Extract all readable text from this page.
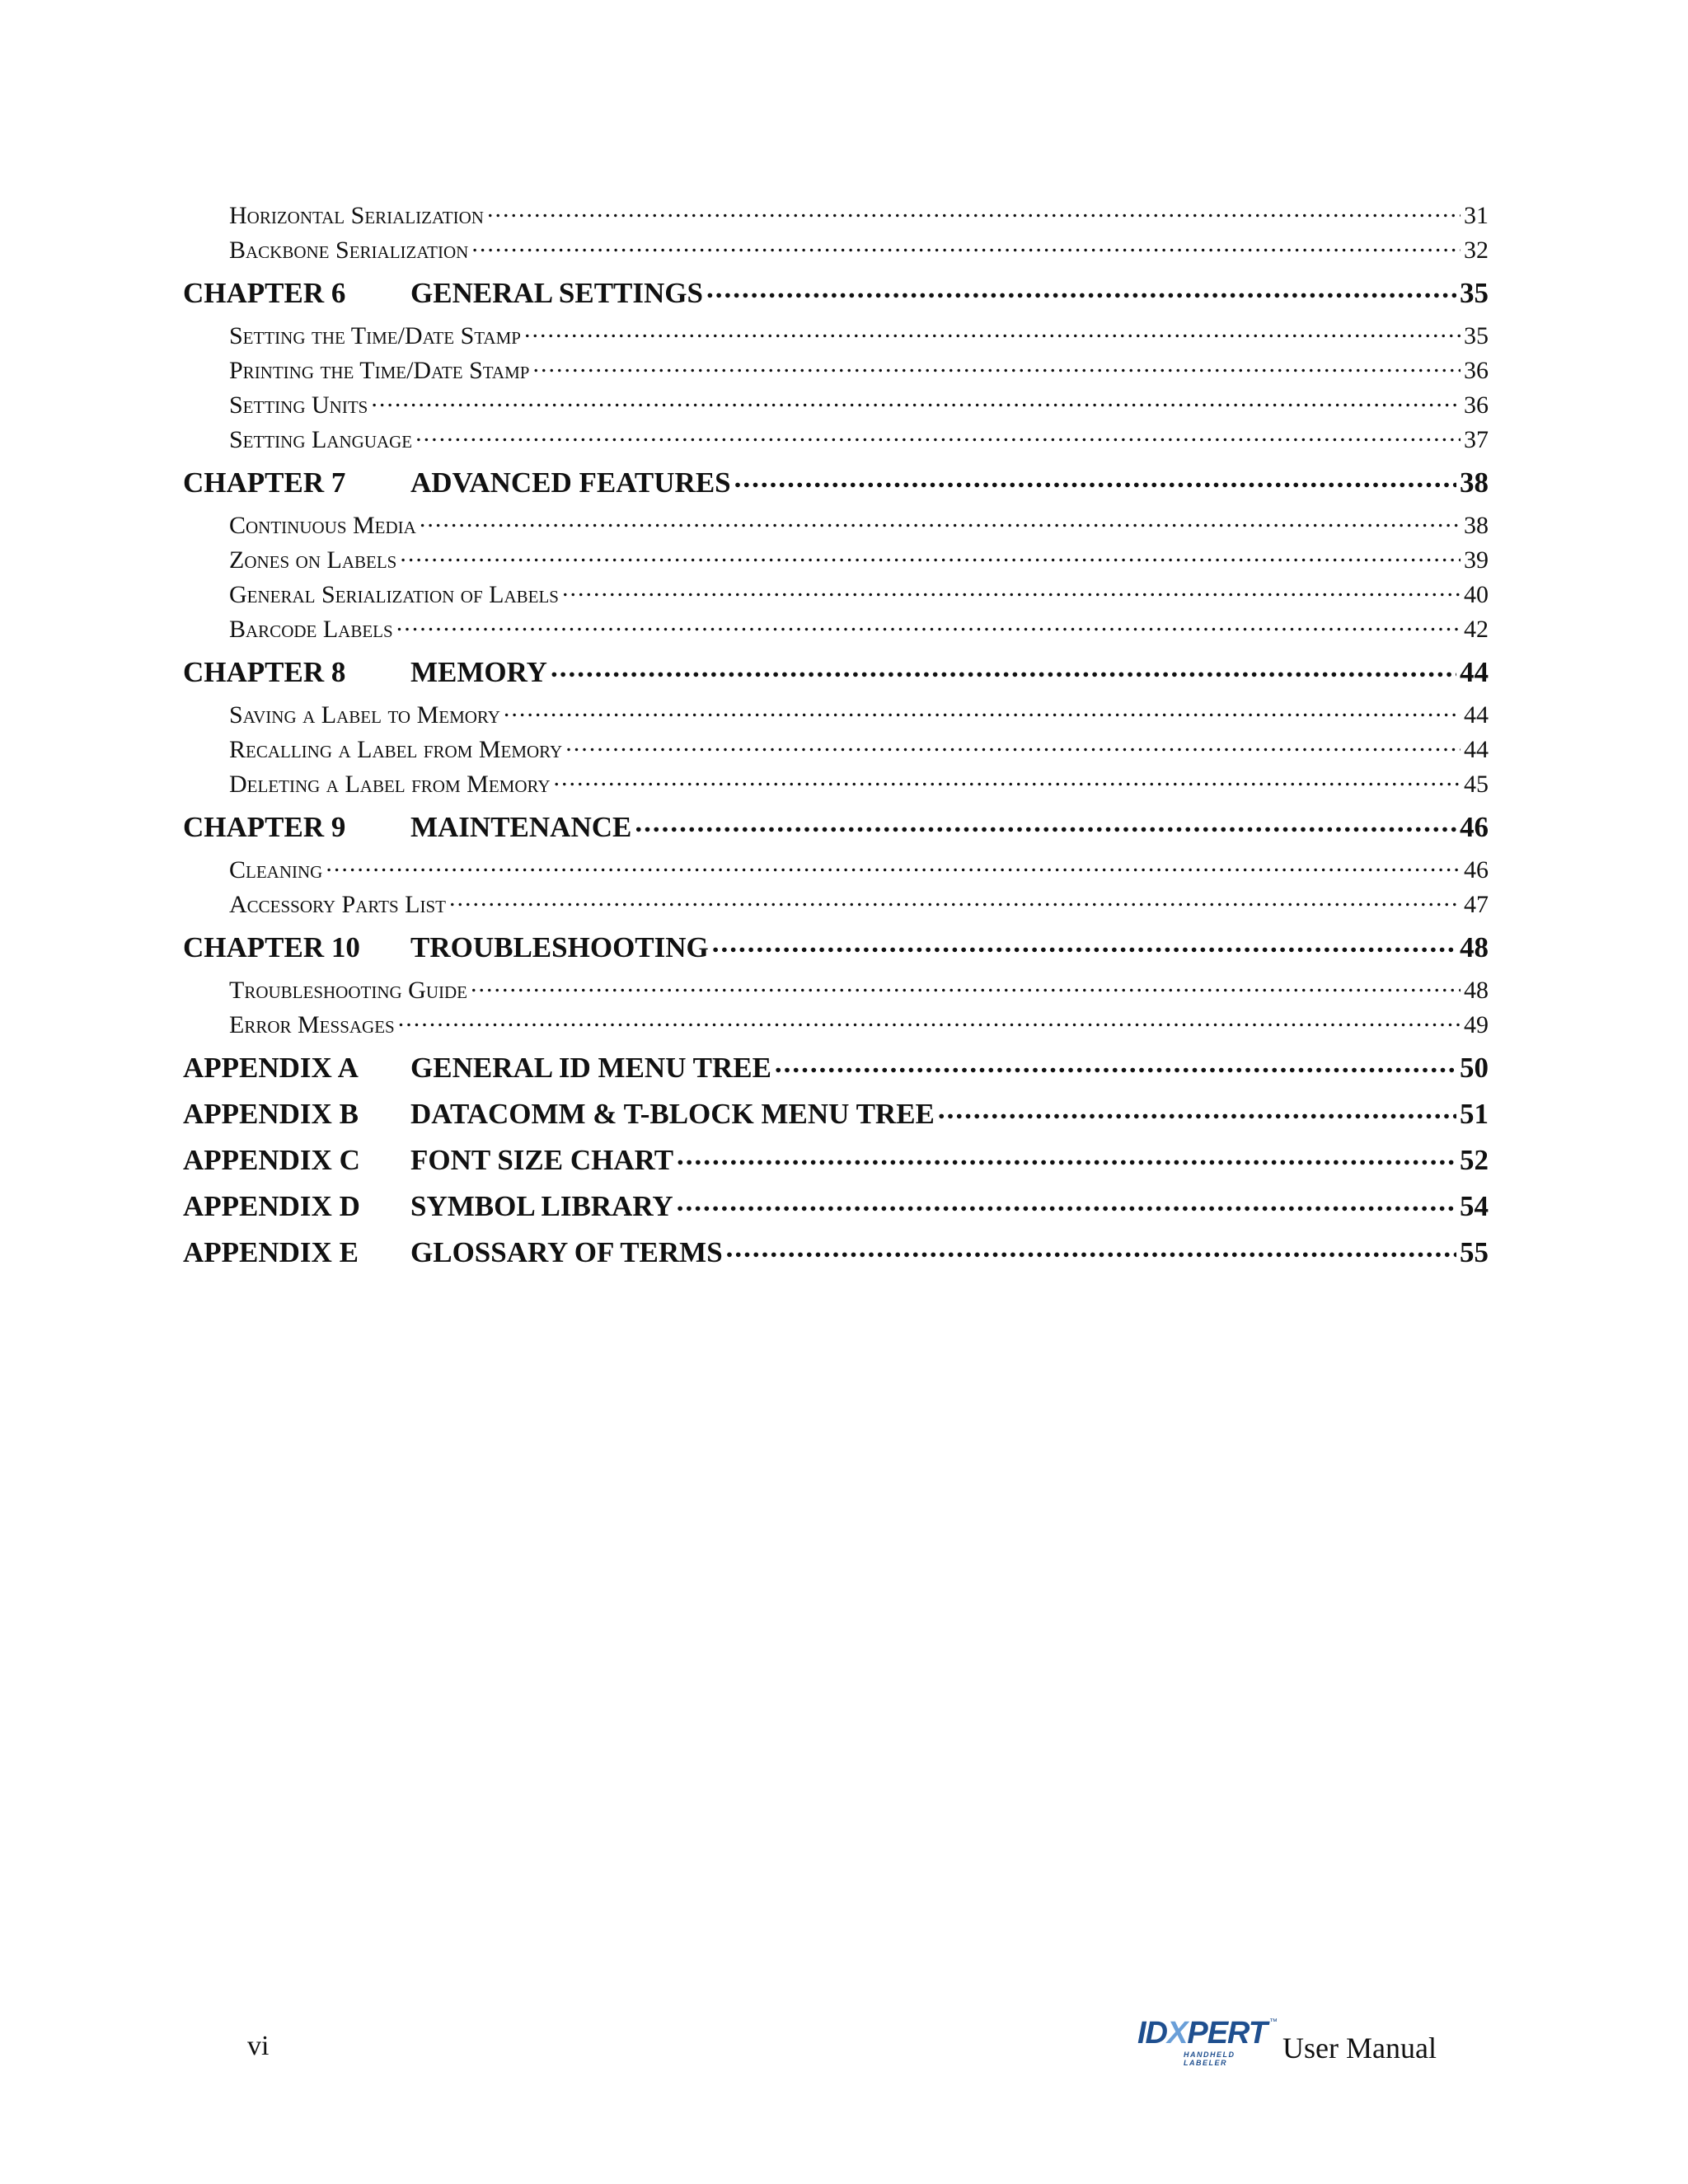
Horizontal Serialization .....	31
Backbone Serialization .....	32
CHAPTER 6	GENERAL SETTINGS .....	35
Setting the Time/Date Stamp .....	35
Printing the Time/Date Stamp .....	36
Setting Units .....	36
Setting Language .....	37
CHAPTER 7	ADVANCED FEATURES .....	38
Continuous Media .....	38
Zones on Labels .....	39
General Serialization of Labels .....	40
Barcode Labels .....	42
CHAPTER 8	MEMORY .....	44
Saving a Label to Memory .....	44
Recalling a Label from Memory .....	44
Deleting a Label from Memory .....	45
CHAPTER 9	MAINTENANCE .....	46
Cleaning .....	46
Accessory Parts List .....	47
CHAPTER 10	TROUBLESHOOTING .....	48
Troubleshooting Guide .....	48
Error Messages .....	49
APPENDIX A	GENERAL ID MENU TREE .....	50
APPENDIX B	DATACOMM & T-BLOCK MENU TREE .....	51
APPENDIX C	FONT SIZE CHART .....	52
APPENDIX D	SYMBOL LIBRARY .....	54
APPENDIX E	GLOSSARY OF TERMS .....	55
vi	IDXPERT ™
HANDHELD LABELER	User Manual
